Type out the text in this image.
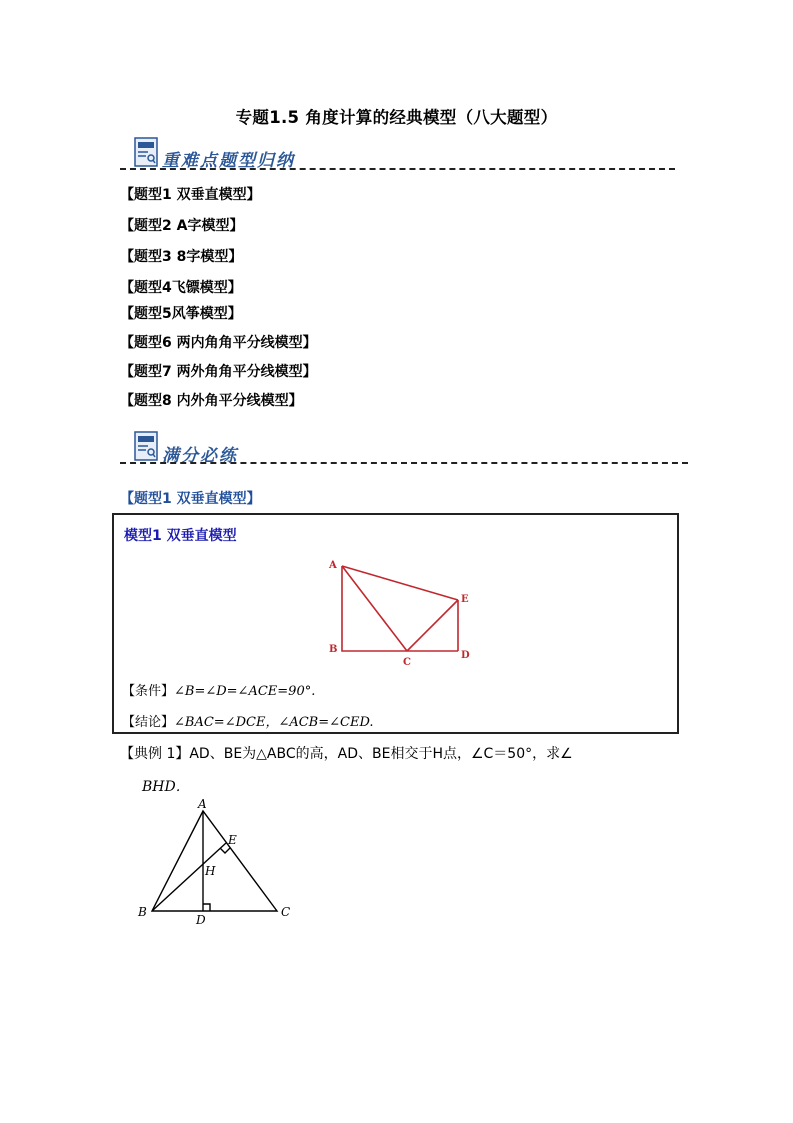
专题1.5 角度计算的经典模型（八大题型）
重难点题型归纳
【题型1 双垂直模型】
【题型2 A字模型】
【题型3 8字模型】
【题型4飞镖模型】
【题型5风筝模型】
【题型6 两内角角平分线模型】
【题型7 两外角角平分线模型】
【题型8 内外角平分线模型】
满分必练
【题型1 双垂直模型】
模型1 双垂直模型
A
B
C
D
E
【条件】∠B=∠D=∠ACE=90°.
【结论】∠BAC=∠DCE，∠ACB=∠CED.
【典例 1】AD、BE为△ABC的高，AD、BE相交于H点，∠C＝50°，求∠
BHD．
A
B	C
D
E
H
